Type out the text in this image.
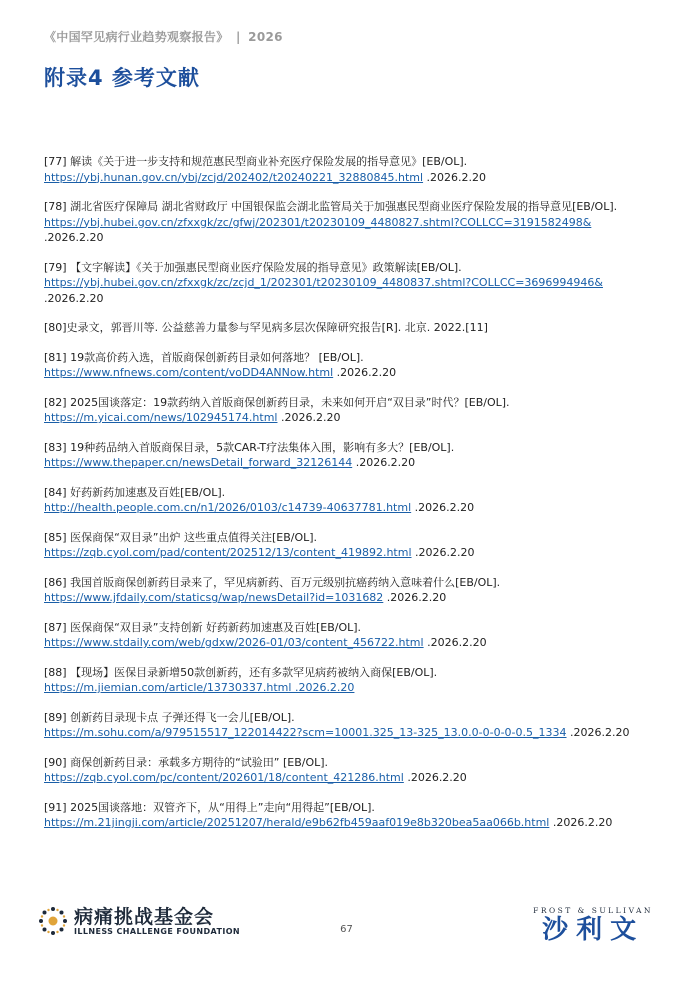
《中国罕见病行业趋势观察报告》 | 2026
附录4 参考文献
[77] 解读《关于进一步支持和规范惠民型商业补充医疗保险发展的指导意见》[EB/OL].
https://ybj.hunan.gov.cn/ybj/zcjd/202402/t20240221_32880845.html .2026.2.20
[78] 湖北省医疗保障局 湖北省财政厅 中国银保监会湖北监管局关于加强惠民型商业医疗保险发展的指导意见[EB/OL].
https://ybj.hubei.gov.cn/zfxxgk/zc/gfwj/202301/t20230109_4480827.shtml?COLLCC=3191582498& .2026.2.20
[79] 【文字解读】《关于加强惠民型商业医疗保险发展的指导意见》政策解读[EB/OL].
https://ybj.hubei.gov.cn/zfxxgk/zc/zcjd_1/202301/t20230109_4480837.shtml?COLLCC=3696994946& .2026.2.20
[80]史录文，郭晋川等. 公益慈善力量参与罕见病多层次保障研究报告[R]. 北京. 2022.[11]
[81] 19款高价药入选，首版商保创新药目录如何落地？ [EB/OL].
https://www.nfnews.com/content/voDD4ANNow.html .2026.2.20
[82] 2025国谈落定：19款药纳入首版商保创新药目录，未来如何开启“双目录”时代？[EB/OL].
https://m.yicai.com/news/102945174.html .2026.2.20
[83] 19种药品纳入首版商保目录，5款CAR-T疗法集体入围，影响有多大？[EB/OL].
https://www.thepaper.cn/newsDetail_forward_32126144 .2026.2.20
[84] 好药新药加速惠及百姓[EB/OL].
http://health.people.com.cn/n1/2026/0103/c14739-40637781.html .2026.2.20
[85] 医保商保“双目录”出炉 这些重点值得关注[EB/OL].
https://zqb.cyol.com/pad/content/202512/13/content_419892.html .2026.2.20
[86] 我国首版商保创新药目录来了，罕见病新药、百万元级别抗癌药纳入意味着什么[EB/OL].
https://www.jfdaily.com/staticsg/wap/newsDetail?id=1031682 .2026.2.20
[87] 医保商保“双目录”支持创新 好药新药加速惠及百姓[EB/OL].
https://www.stdaily.com/web/gdxw/2026-01/03/content_456722.html .2026.2.20
[88] 【现场】医保目录新增50款创新药，还有多款罕见病药被纳入商保[EB/OL].
https://m.jiemian.com/article/13730337.html .2026.2.20
[89] 创新药目录现卡点 子弹还得飞一会儿[EB/OL].
https://m.sohu.com/a/979515517_122014422?scm=10001.325_13-325_13.0.0-0-0-0-0.5_1334 .2026.2.20
[90] 商保创新药目录：承载多方期待的“试验田” [EB/OL].
https://zqb.cyol.com/pc/content/202601/18/content_421286.html .2026.2.20
[91] 2025国谈落地：双管齐下，从“用得上”走向“用得起”[EB/OL].
https://m.21jingji.com/article/20251207/herald/e9b62fb459aaf019e8b320bea5aa066b.html .2026.2.20
病痛挑战基金会
ILLNESS CHALLENGE FOUNDATION	67
FROST & SULLIVAN
沙利文
